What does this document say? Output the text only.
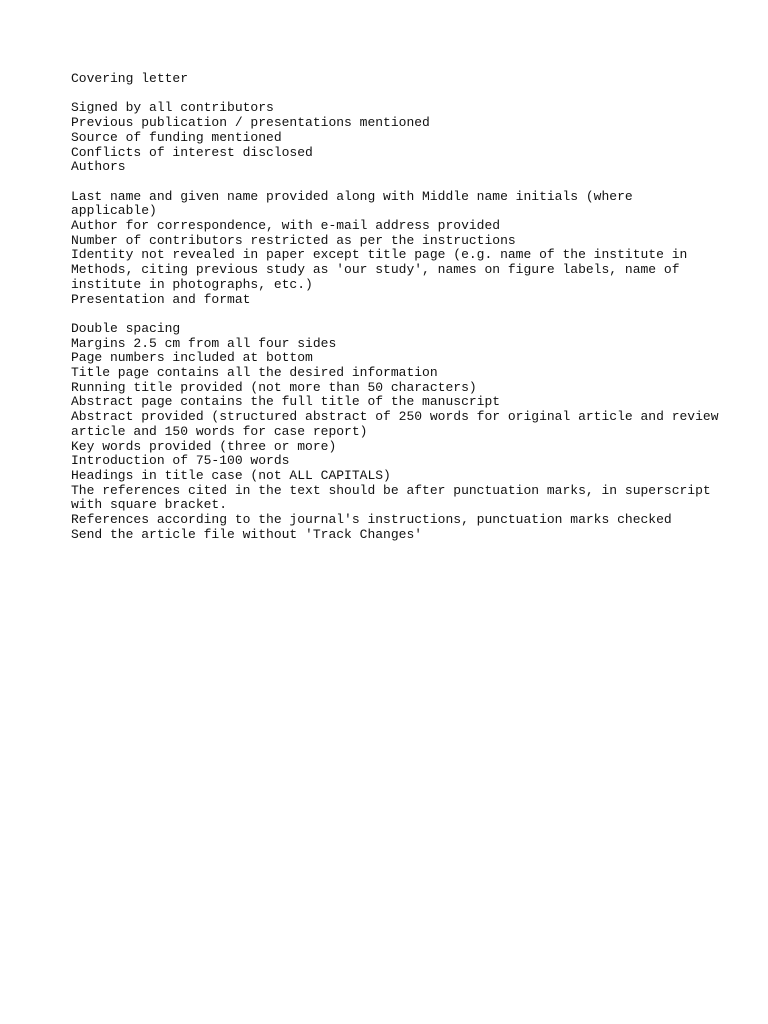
Covering letter

Signed by all contributors

Previous publication / presentations mentioned

Source of funding mentioned

Conflicts of interest disclosed

Authors

Last name and given name provided along with Middle name initials (where

applicable)

Author for correspondence, with e-mail address provided

Number of contributors restricted as per the instructions

Identity not revealed in paper except title page (e.g. name of the institute in

Methods, citing previous study as 'our study', names on figure labels, name of

institute in photographs, etc.)

Presentation and format

Double spacing

Margins 2.5 cm from all four sides

Page numbers included at bottom

Title page contains all the desired information

Running title provided (not more than 50 characters)

Abstract page contains the full title of the manuscript

Abstract provided (structured abstract of 250 words for original article and review

article and 150 words for case report)

Key words provided (three or more)

Introduction of 75-100 words

Headings in title case (not ALL CAPITALS)

The references cited in the text should be after punctuation marks, in superscript

with square bracket.

References according to the journal's instructions, punctuation marks checked

Send the article file without 'Track Changes'
